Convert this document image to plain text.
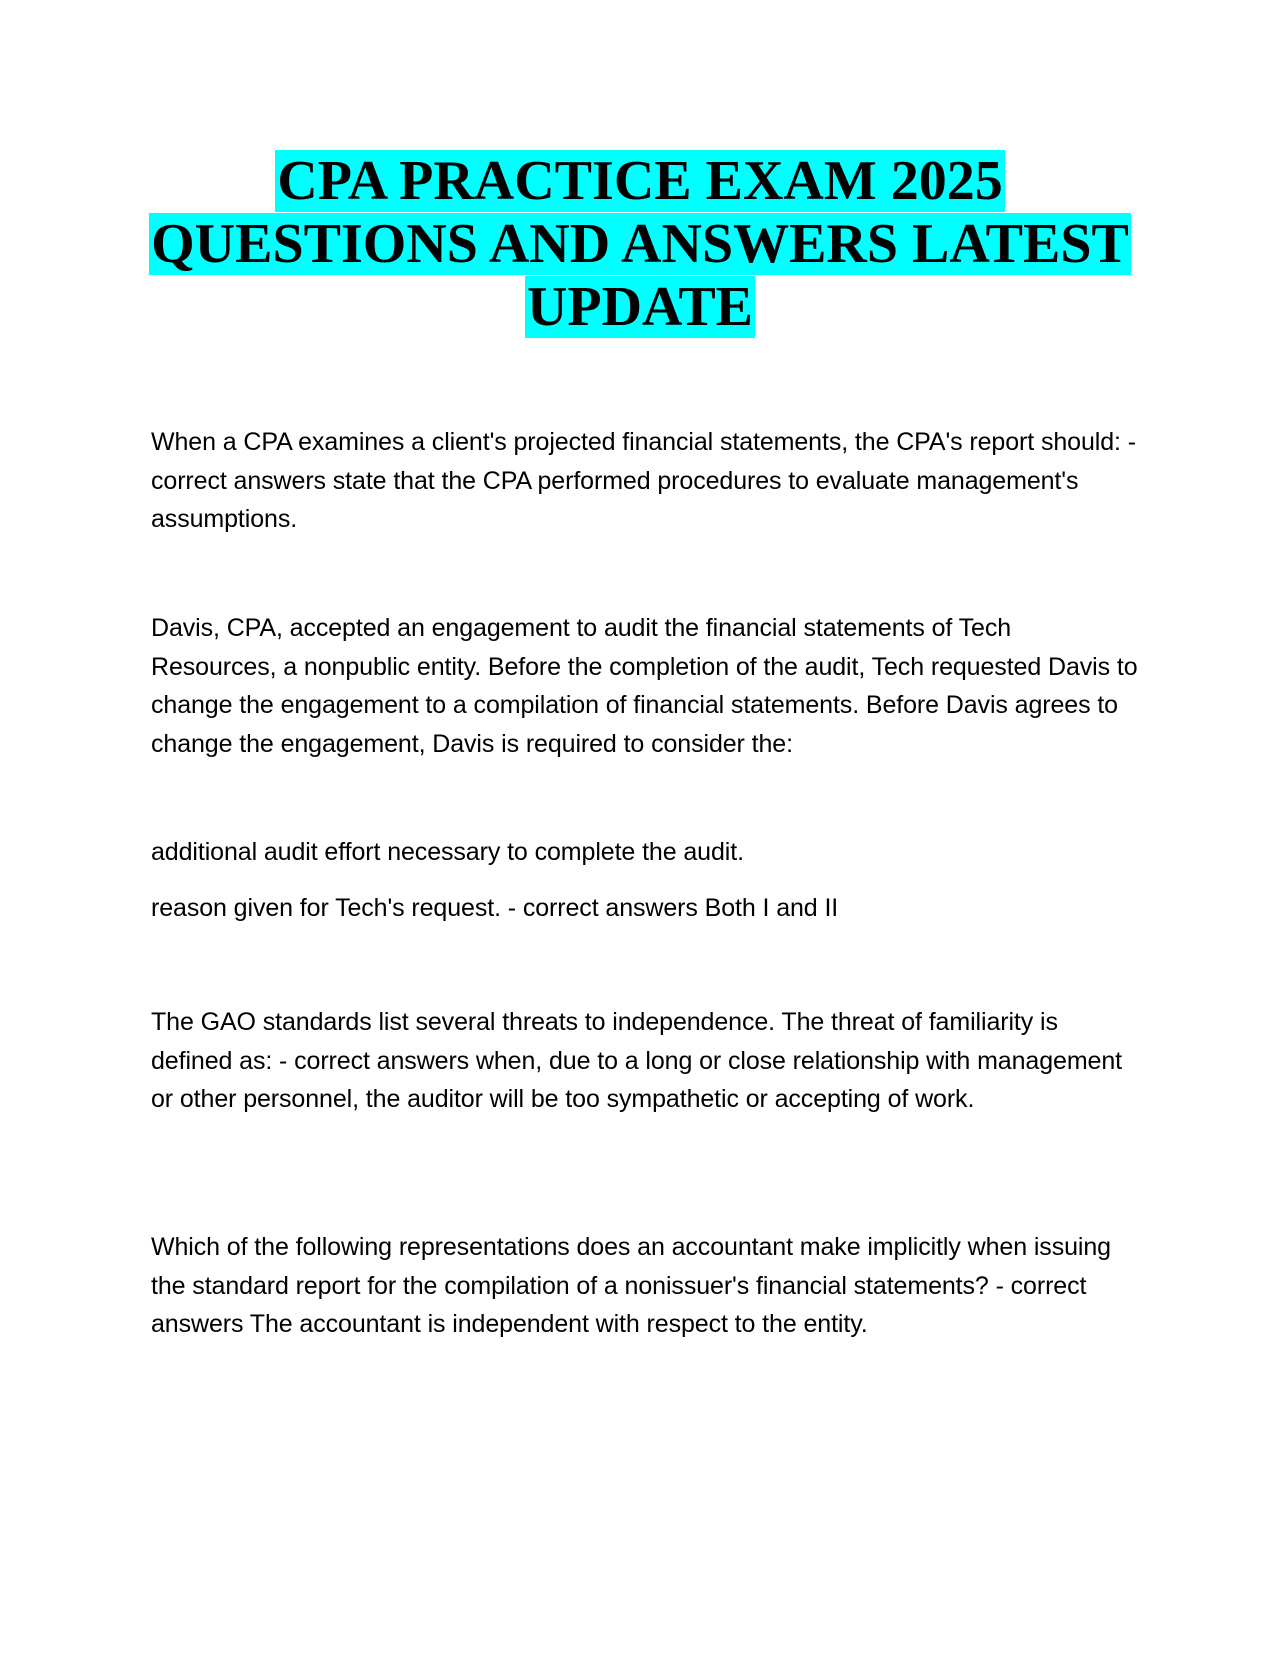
CPA PRACTICE EXAM 2025
QUESTIONS AND ANSWERS LATEST
UPDATE

When a CPA examines a client's projected financial statements, the CPA's report should: - correct answers state that the CPA performed procedures to evaluate management's assumptions.

Davis, CPA, accepted an engagement to audit the financial statements of Tech Resources, a nonpublic entity. Before the completion of the audit, Tech requested Davis to change the engagement to a compilation of financial statements. Before Davis agrees to change the engagement, Davis is required to consider the:

additional audit effort necessary to complete the audit.

reason given for Tech's request. - correct answers Both I and II

The GAO standards list several threats to independence. The threat of familiarity is defined as: - correct answers when, due to a long or close relationship with management or other personnel, the auditor will be too sympathetic or accepting of work.

Which of the following representations does an accountant make implicitly when issuing the standard report for the compilation of a nonissuer's financial statements? - correct answers The accountant is independent with respect to the entity.
